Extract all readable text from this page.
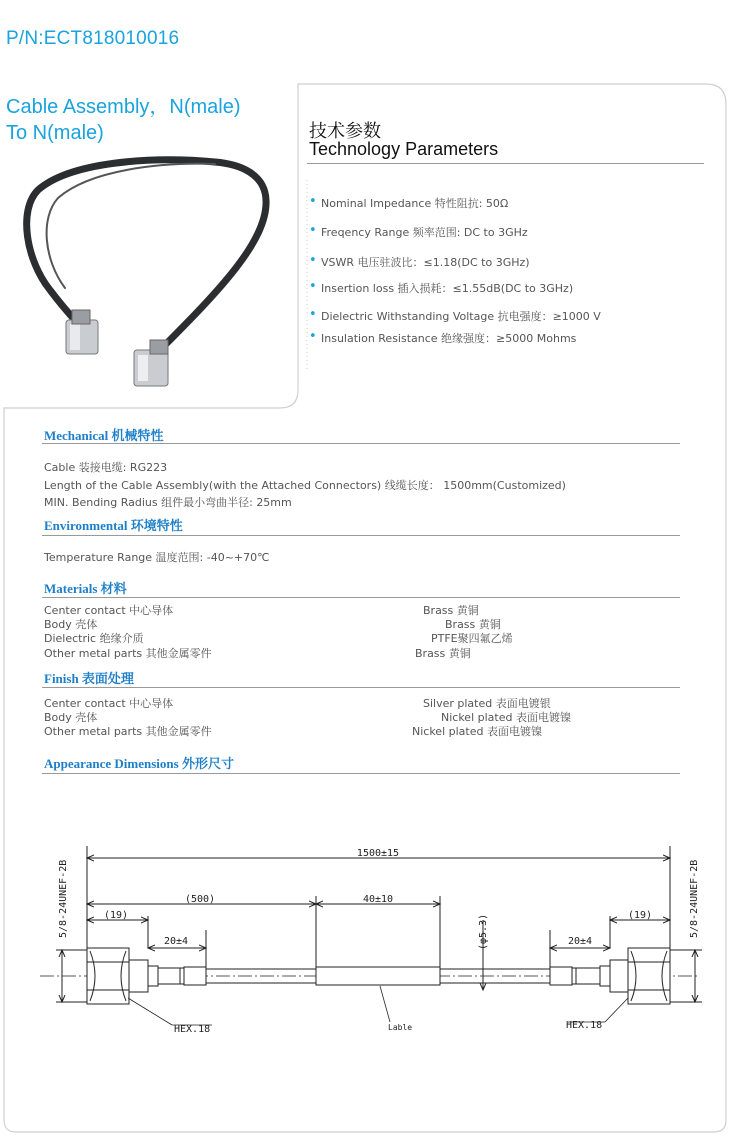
P/N:ECT818010016
Cable Assembly，N(male)
To N(male)	技术参数
Technology Parameters
• Nominal Impedance 特性阻抗: 50Ω
• Freqency Range 频率范围: DC to 3GHz
• VSWR 电压驻波比：≤1.18(DC to 3GHz)
• Insertion loss 插入损耗：≤1.55dB(DC to 3GHz)
• Dielectric Withstanding Voltage 抗电强度：≥1000 V
• Insulation Resistance 绝缘强度：≥5000 Mohms
Mechanical 机械特性
Cable 装接电缆: RG223
Length of the Cable Assembly(with the Attached Connectors) 线缆长度： 1500mm(Customized)
MIN. Bending Radius 组件最小弯曲半径: 25mm
Environmental 环境特性
Temperature Range 温度范围: -40~+70℃
Materials 材料
Center contact 中心导体	Brass 黄铜
Body 壳体	Brass 黄铜
Dielectric 绝缘介质	PTFE聚四氟乙烯
Other metal parts 其他金属零件	Brass 黄铜
Finish 表面处理
Center contact 中心导体	Silver plated 表面电镀银
Body 壳体	Nickel plated 表面电镀镍
Other metal parts 其他金属零件	Nickel plated 表面电镀镍
Appearance Dimensions 外形尺寸
1500±15
(500)	40±10
(19)	(19)
20±4	20±4
HEX.18	HEX.18
Lable
(φ5.3)
5/8-24UNEF-2B	5/8-24UNEF-2B
